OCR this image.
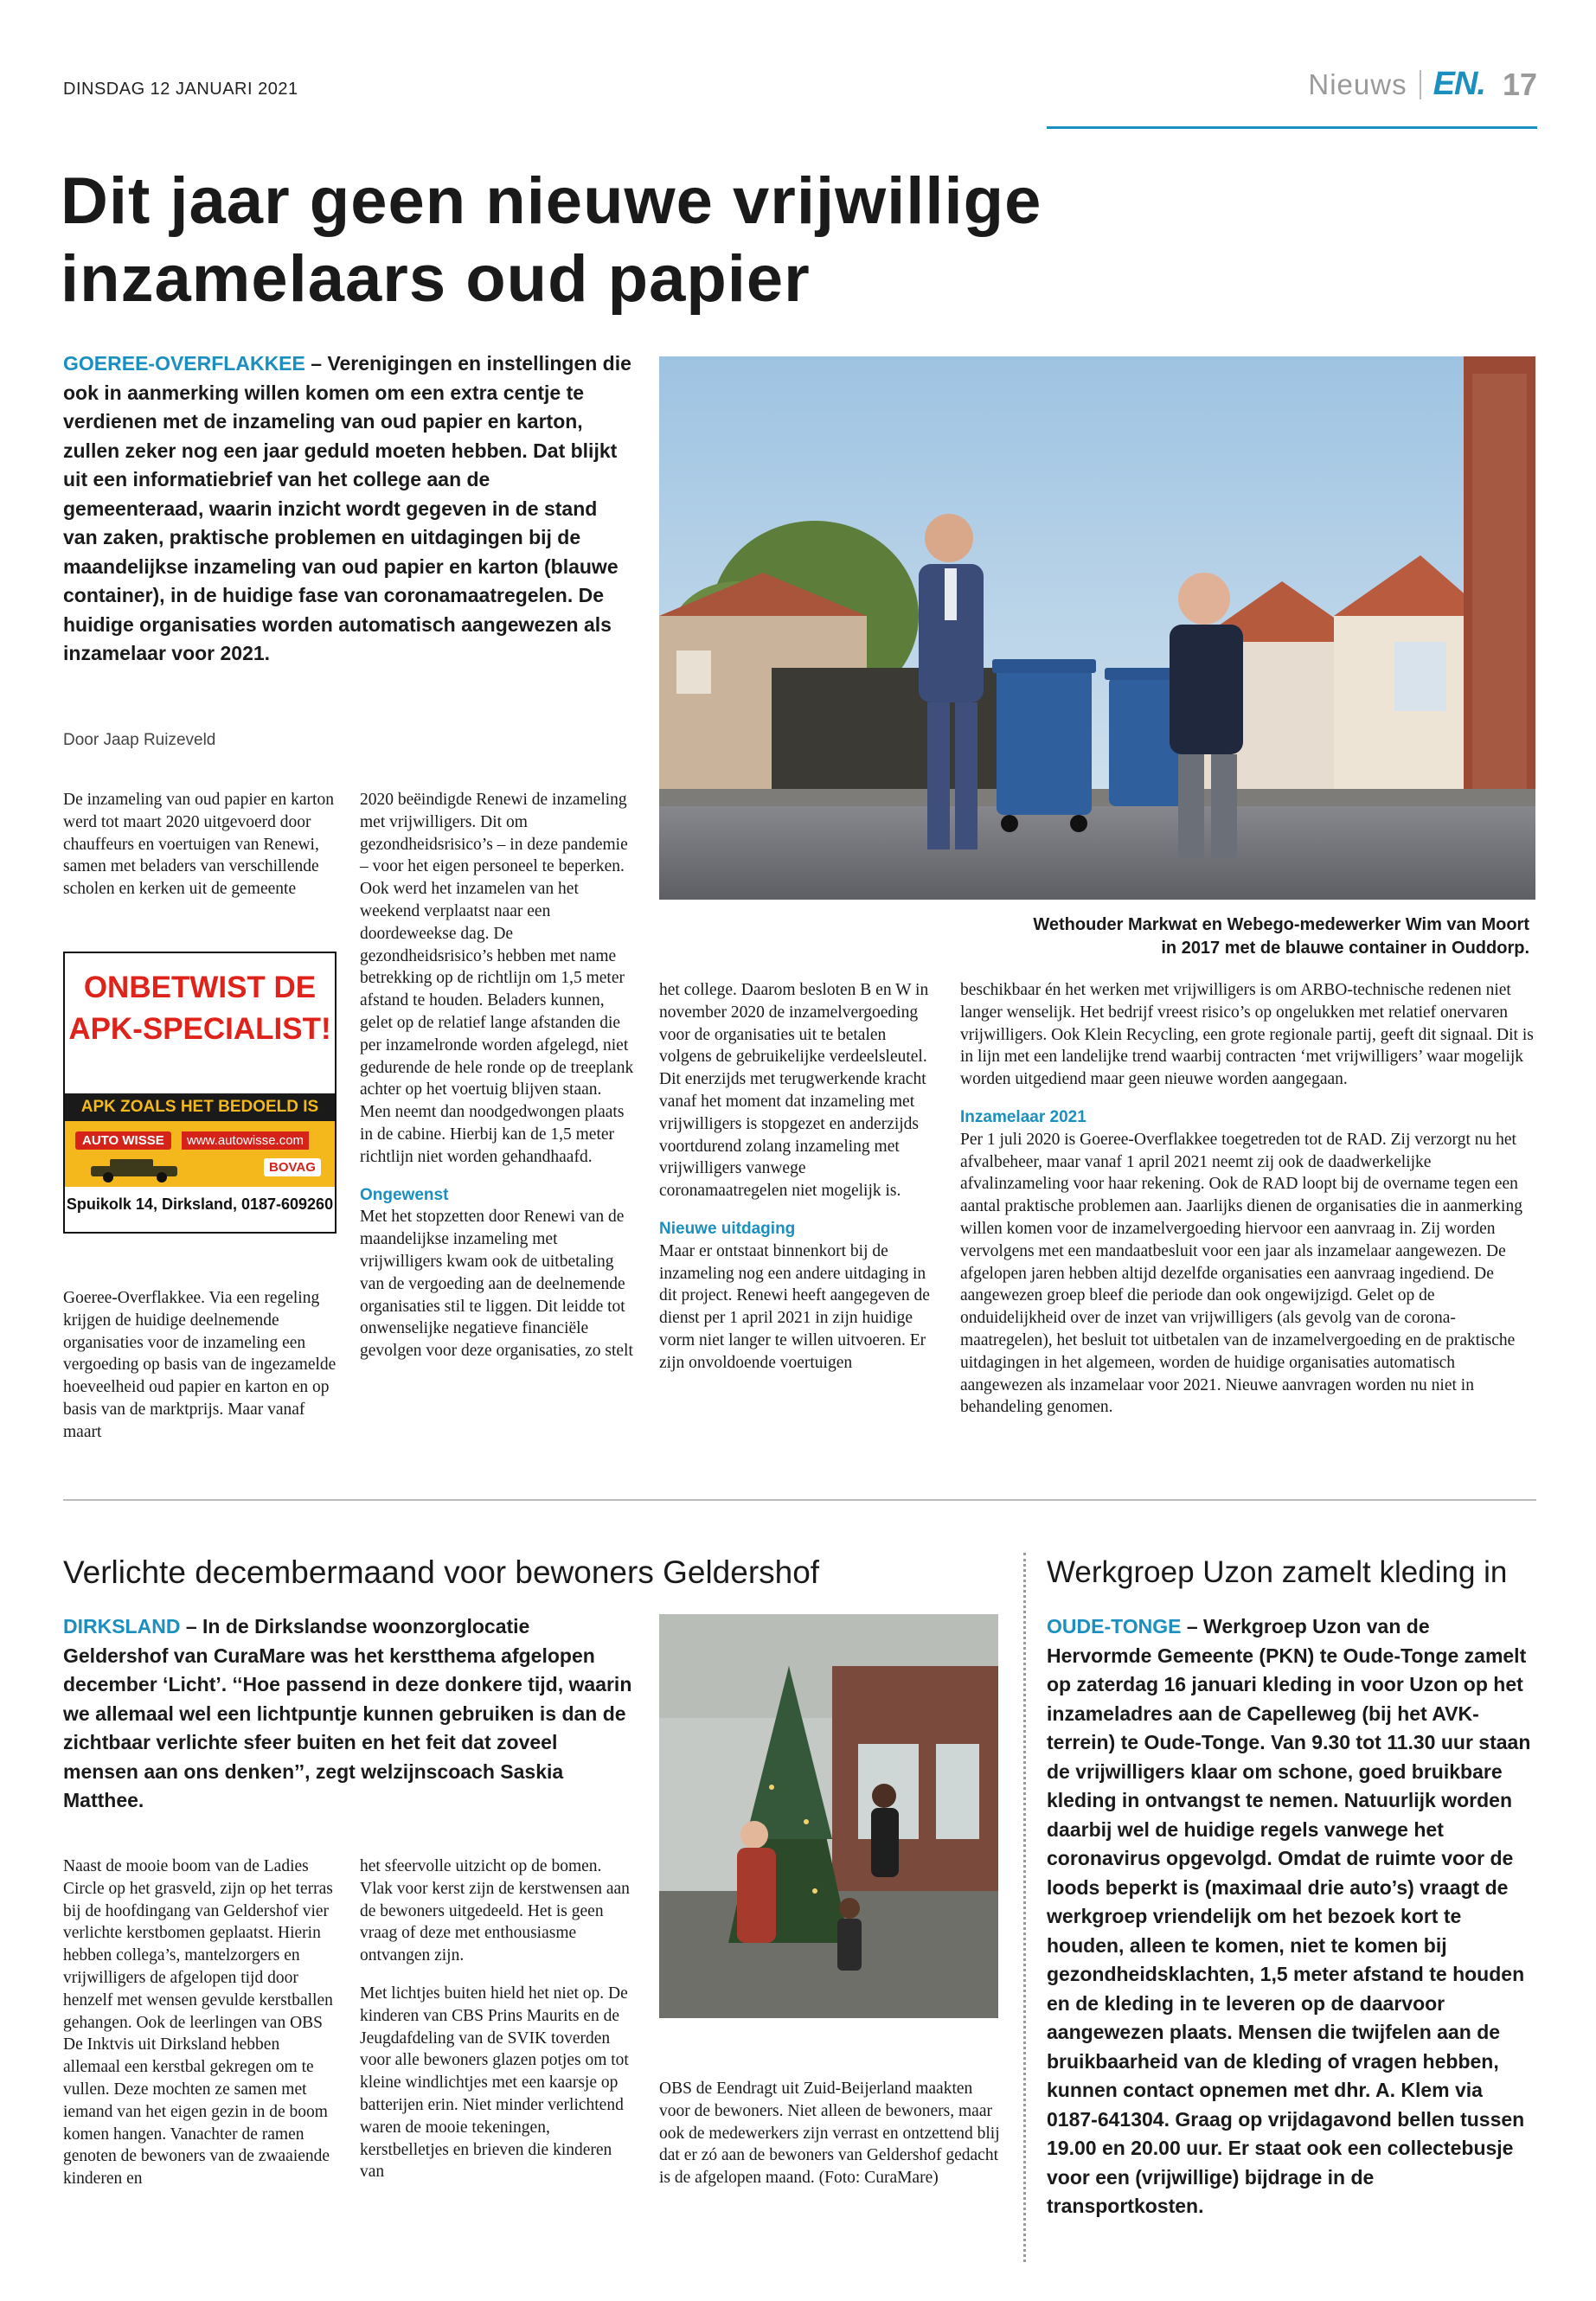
DINSDAG 12 JANUARI 2021	Nieuws EN. 17
Dit jaar geen nieuwe vrijwillige
inzamelaars oud papier
GOEREE-OVERFLAKKEE – Verenigingen en instellingen die ook in aanmerking willen komen om een extra centje te verdienen met de inzameling van oud papier en karton, zullen zeker nog een jaar geduld moeten hebben. Dat blijkt uit een informatiebrief van het college aan de gemeenteraad, waarin inzicht wordt gegeven in de stand van zaken, praktische problemen en uitdagingen bij de maandelijkse inzameling van oud papier en karton (blauwe container), in de huidige fase van coronamaatregelen. De huidige organisaties worden automatisch aangewezen als inzamelaar voor 2021.
Door Jaap Ruizeveld
De inzameling van oud papier en karton werd tot maart 2020 uitgevoerd door chauffeurs en voertuigen van Renewi, samen met beladers van verschillende scholen en kerken uit de gemeente
ONBETWIST DE
APK-SPECIALIST!
APK ZOALS HET BEDOELD IS
AUTO WISSE	www.autowisse.com
BOVAG
Spuikolk 14, Dirksland, 0187-609260
Goeree-Overflakkee. Via een regeling krijgen de huidige deelnemende organisaties voor de inzameling een vergoeding op basis van de ingezamelde hoeveelheid oud papier en karton en op basis van de marktprijs. Maar vanaf maart
2020 beëindigde Renewi de inzameling met vrijwilligers. Dit om gezondheidsrisico’s – in deze pandemie – voor het eigen personeel te beperken. Ook werd het inzamelen van het weekend verplaatst naar een doordeweekse dag. De gezondheidsrisico’s hebben met name betrekking op de richtlijn om 1,5 meter afstand te houden. Beladers kunnen, gelet op de relatief lange afstanden die per inzamelronde worden afgelegd, niet gedurende de hele ronde op de treeplank achter op het voertuig blijven staan. Men neemt dan noodgedwongen plaats in de cabine. Hierbij kan de 1,5 meter richtlijn niet worden gehandhaafd.
Ongewenst
Met het stopzetten door Renewi van de maandelijkse inzameling met vrijwilligers kwam ook de uitbetaling van de vergoeding aan de deelnemende organisaties stil te liggen. Dit leidde tot onwenselijke negatieve financiële gevolgen voor deze organisaties, zo stelt
Wethouder Markwat en Webego-medewerker Wim van Moort
in 2017 met de blauwe container in Ouddorp.
het college. Daarom besloten B en W in november 2020 de inzamelvergoeding voor de organisaties uit te betalen volgens de gebruikelijke verdeelsleutel. Dit enerzijds met terugwerkende kracht vanaf het moment dat inzameling met vrijwilligers is stopgezet en anderzijds voortdurend zolang inzameling met vrijwilligers vanwege coronamaatregelen niet mogelijk is.
Nieuwe uitdaging
Maar er ontstaat binnenkort bij de inzameling nog een andere uitdaging in dit project. Renewi heeft aangegeven de dienst per 1 april 2021 in zijn huidige vorm niet langer te willen uitvoeren. Er zijn onvoldoende voertuigen
beschikbaar én het werken met vrijwilligers is om ARBO-technische redenen niet langer wenselijk. Het bedrijf vreest risico’s op ongelukken met relatief onervaren vrijwilligers. Ook Klein Recycling, een grote regionale partij, geeft dit signaal. Dit is in lijn met een landelijke trend waarbij contracten ‘met vrijwilligers’ waar mogelijk worden uitgediend maar geen nieuwe worden aangegaan.
Inzamelaar 2021
Per 1 juli 2020 is Goeree-Overflakkee toegetreden tot de RAD. Zij verzorgt nu het afvalbeheer, maar vanaf 1 april 2021 neemt zij ook de daadwerkelijke afvalinzameling voor haar rekening. Ook de RAD loopt bij de overname tegen een aantal praktische problemen aan. Jaarlijks dienen de organisaties die in aanmerking willen komen voor de inzamelvergoeding hiervoor een aanvraag in. Zij worden vervolgens met een mandaatbesluit voor een jaar als inzamelaar aangewezen. De afgelopen jaren hebben altijd dezelfde organisaties een aanvraag ingediend. De aangewezen groep bleef die periode dan ook ongewijzigd. Gelet op de onduidelijkheid over de inzet van vrijwilligers (als gevolg van de corona-maatregelen), het besluit tot uitbetalen van de inzamelvergoeding en de praktische uitdagingen in het algemeen, worden de huidige organisaties automatisch aangewezen als inzamelaar voor 2021. Nieuwe aanvragen worden nu niet in behandeling genomen.
Verlichte decembermaand voor bewoners Geldershof
DIRKSLAND – In de Dirkslandse woonzorglocatie Geldershof van CuraMare was het kerstthema afgelopen december ‘Licht’. ‘‘Hoe passend in deze donkere tijd, waarin we allemaal wel een lichtpuntje kunnen gebruiken is dan de zichtbaar verlichte sfeer buiten en het feit dat zoveel mensen aan ons denken’’, zegt welzijnscoach Saskia Matthee.
Naast de mooie boom van de Ladies Circle op het grasveld, zijn op het terras bij de hoofdingang van Geldershof vier verlichte kerstbomen geplaatst. Hierin hebben collega’s, mantelzorgers en vrijwilligers de afgelopen tijd door henzelf met wensen gevulde kerstballen gehangen. Ook de leerlingen van OBS De Inktvis uit Dirksland hebben allemaal een kerstbal gekregen om te vullen. Deze mochten ze samen met iemand van het eigen gezin in de boom komen hangen. Vanachter de ramen genoten de bewoners van de zwaaiende kinderen en
het sfeervolle uitzicht op de bomen. Vlak voor kerst zijn de kerstwensen aan de bewoners uitgedeeld. Het is geen vraag of deze met enthousiasme ontvangen zijn.
Met lichtjes buiten hield het niet op. De kinderen van CBS Prins Maurits en de Jeugdafdeling van de SVIK toverden voor alle bewoners glazen potjes om tot kleine windlichtjes met een kaarsje op batterijen erin. Niet minder verlichtend waren de mooie tekeningen, kerstbelletjes en brieven die kinderen van
OBS de Eendragt uit Zuid-Beijerland maakten voor de bewoners. Niet alleen de bewoners, maar ook de medewerkers zijn verrast en ontzettend blij dat er zó aan de bewoners van Geldershof gedacht is de afgelopen maand. (Foto: CuraMare)
Werkgroep Uzon zamelt kleding in
OUDE-TONGE – Werkgroep Uzon van de Hervormde Gemeente (PKN) te Oude-Tonge zamelt op zaterdag 16 januari kleding in voor Uzon op het inzameladres aan de Capelleweg (bij het AVK-terrein) te Oude-Tonge. Van 9.30 tot 11.30 uur staan de vrijwilligers klaar om schone, goed bruikbare kleding in ontvangst te nemen. Natuurlijk worden daarbij wel de huidige regels vanwege het coronavirus opgevolgd. Omdat de ruimte voor de loods beperkt is (maximaal drie auto’s) vraagt de werkgroep vriendelijk om het bezoek kort te houden, alleen te komen, niet te komen bij gezondheidsklachten, 1,5 meter afstand te houden en de kleding in te leveren op de daarvoor aangewezen plaats. Mensen die twijfelen aan de bruikbaarheid van de kleding of vragen hebben, kunnen contact opnemen met dhr. A. Klem via 0187-641304. Graag op vrijdagavond bellen tussen 19.00 en 20.00 uur. Er staat ook een collectebusje voor een (vrijwillige) bijdrage in de transportkosten.
